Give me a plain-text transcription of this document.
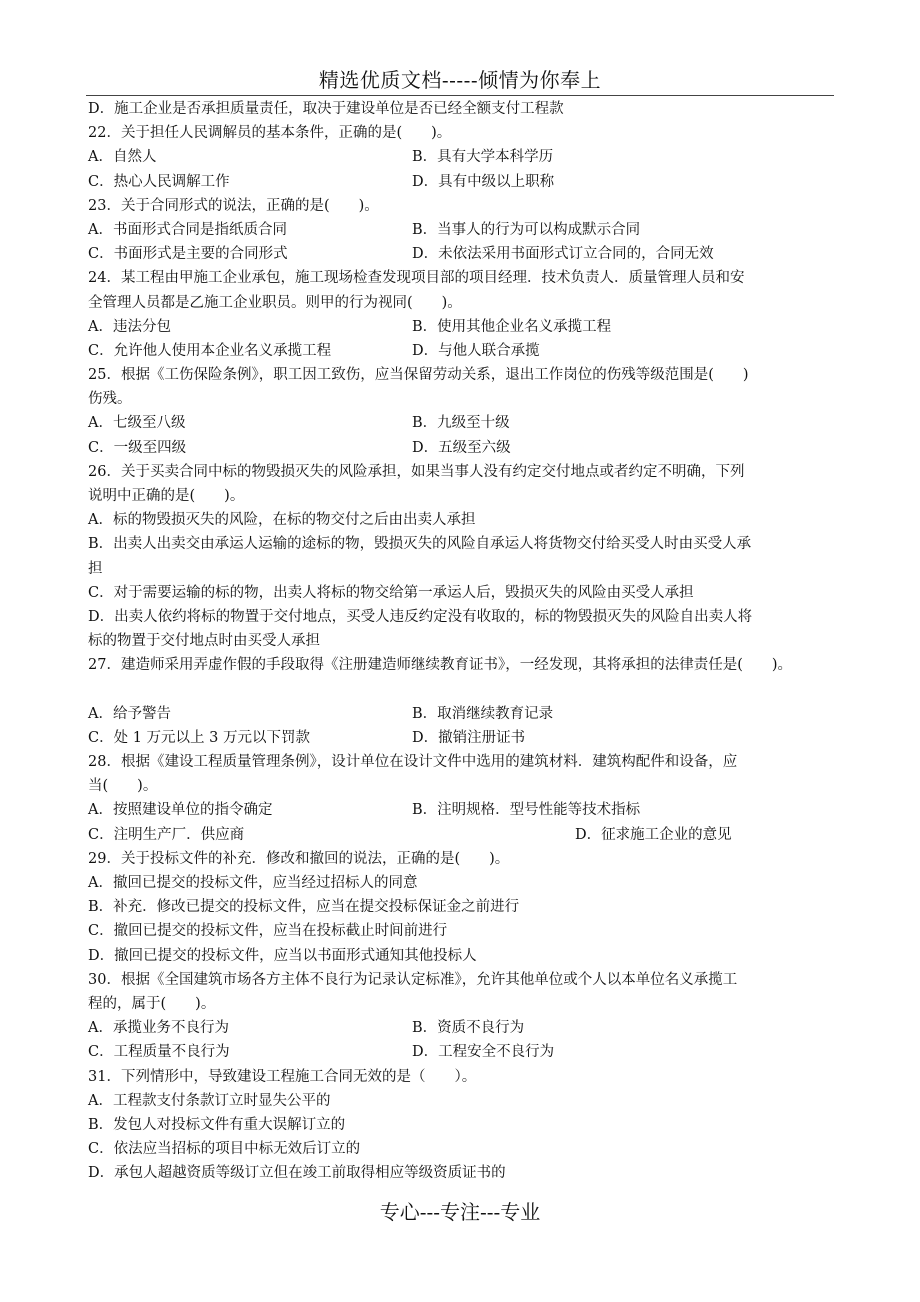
精选优质文档-----倾情为你奉上
D．施工企业是否承担质量责任，取决于建设单位是否已经全额支付工程款
22．关于担任人民调解员的基本条件，正确的是(　　)。
A．自然人	B．具有大学本科学历
C．热心人民调解工作	D．具有中级以上职称
23．关于合同形式的说法，正确的是(　　)。
A．书面形式合同是指纸质合同	B．当事人的行为可以构成默示合同
C．书面形式是主要的合同形式	D．未依法采用书面形式订立合同的，合同无效
24．某工程由甲施工企业承包，施工现场检查发现项目部的项目经理．技术负责人．质量管理人员和安
全管理人员都是乙施工企业职员。则甲的行为视同(　　)。
A．违法分包	B．使用其他企业名义承揽工程
C．允许他人使用本企业名义承揽工程	D．与他人联合承揽
25．根据《工伤保险条例》，职工因工致伤，应当保留劳动关系，退出工作岗位的伤残等级范围是(　　)
伤残。
A．七级至八级	B．九级至十级
C．一级至四级	D．五级至六级
26．关于买卖合同中标的物毁损灭失的风险承担，如果当事人没有约定交付地点或者约定不明确，下列
说明中正确的是(　　)。
A．标的物毁损灭失的风险，在标的物交付之后由出卖人承担
B．出卖人出卖交由承运人运输的途标的物，毁损灭失的风险自承运人将货物交付给买受人时由买受人承
担
C．对于需要运输的标的物，出卖人将标的物交给第一承运人后，毁损灭失的风险由买受人承担
D．出卖人依约将标的物置于交付地点，买受人违反约定没有收取的，标的物毁损灭失的风险自出卖人将
标的物置于交付地点时由买受人承担
27．建造师采用弄虚作假的手段取得《注册建造师继续教育证书》，一经发现，其将承担的法律责任是(　　)。
A．给予警告	B．取消继续教育记录
C．处 1 万元以上 3 万元以下罚款	D．撤销注册证书
28．根据《建设工程质量管理条例》，设计单位在设计文件中选用的建筑材料．建筑构配件和设备，应
当(　　)。
A．按照建设单位的指令确定	B．注明规格．型号性能等技术指标
C．注明生产厂．供应商	D．征求施工企业的意见
29．关于投标文件的补充．修改和撤回的说法，正确的是(　　)。
A．撤回已提交的投标文件，应当经过招标人的同意
B．补充．修改已提交的投标文件，应当在提交投标保证金之前进行
C．撤回已提交的投标文件，应当在投标截止时间前进行
D．撤回已提交的投标文件，应当以书面形式通知其他投标人
30．根据《全国建筑市场各方主体不良行为记录认定标准》，允许其他单位或个人以本单位名义承揽工
程的，属于(　　)。
A．承揽业务不良行为	B．资质不良行为
C．工程质量不良行为	D．工程安全不良行为
31．下列情形中，导致建设工程施工合同无效的是（　　）。
A．工程款支付条款订立时显失公平的
B．发包人对投标文件有重大误解订立的
C．依法应当招标的项目中标无效后订立的
D．承包人超越资质等级订立但在竣工前取得相应等级资质证书的
专心---专注---专业
